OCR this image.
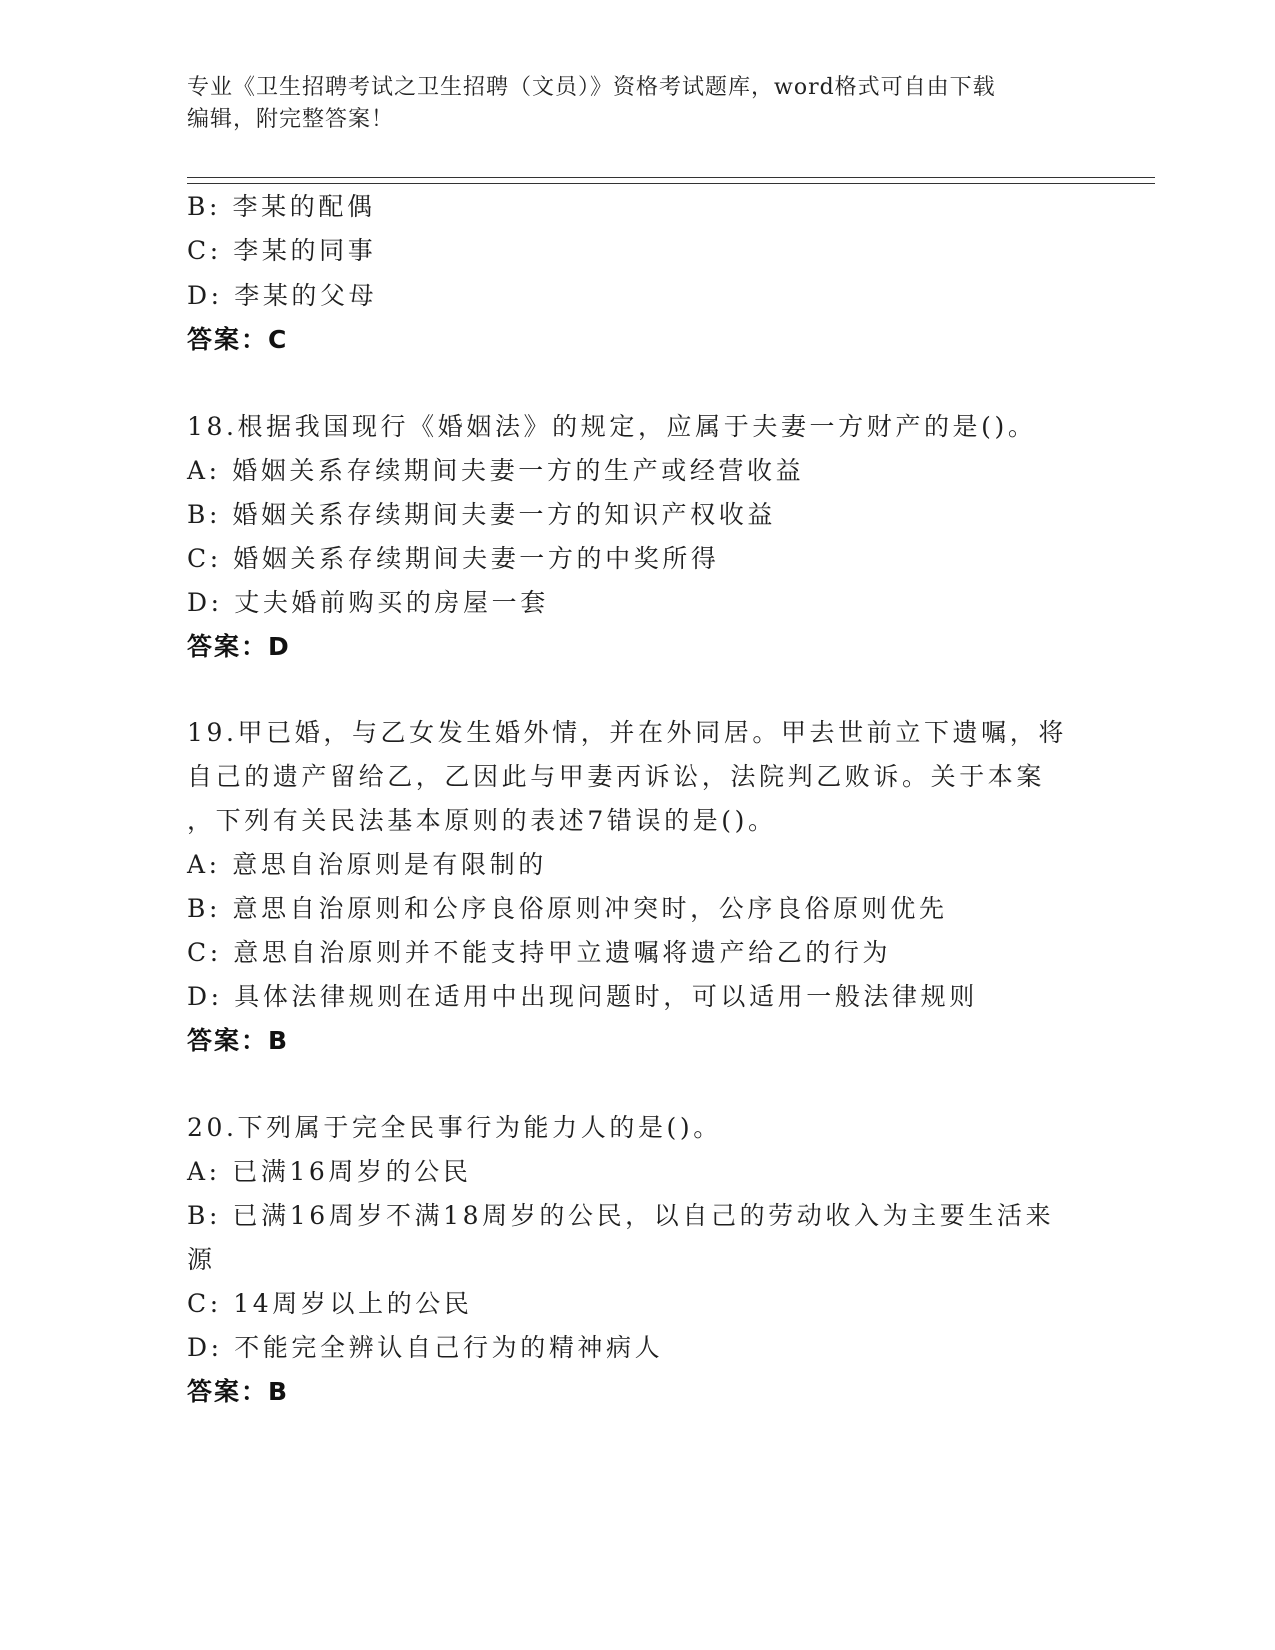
专业《卫生招聘考试之卫生招聘（文员）》资格考试题库，word格式可自由下载
编辑，附完整答案！
B: 李某的配偶
C: 李某的同事
D: 李某的父母
答案：C
18.根据我国现行《婚姻法》的规定，应属于夫妻一方财产的是()。
A: 婚姻关系存续期间夫妻一方的生产或经营收益
B: 婚姻关系存续期间夫妻一方的知识产权收益
C: 婚姻关系存续期间夫妻一方的中奖所得
D: 丈夫婚前购买的房屋一套
答案：D
19.甲已婚，与乙女发生婚外情，并在外同居。甲去世前立下遗嘱，将
自己的遗产留给乙，乙因此与甲妻丙诉讼，法院判乙败诉。关于本案
，下列有关民法基本原则的表述7错误的是()。
A: 意思自治原则是有限制的
B: 意思自治原则和公序良俗原则冲突时，公序良俗原则优先
C: 意思自治原则并不能支持甲立遗嘱将遗产给乙的行为
D: 具体法律规则在适用中出现问题时，可以适用一般法律规则
答案：B
20.下列属于完全民事行为能力人的是()。
A: 已满16周岁的公民
B: 已满16周岁不满18周岁的公民，以自己的劳动收入为主要生活来
源
C: 14周岁以上的公民
D: 不能完全辨认自己行为的精神病人
答案：B
